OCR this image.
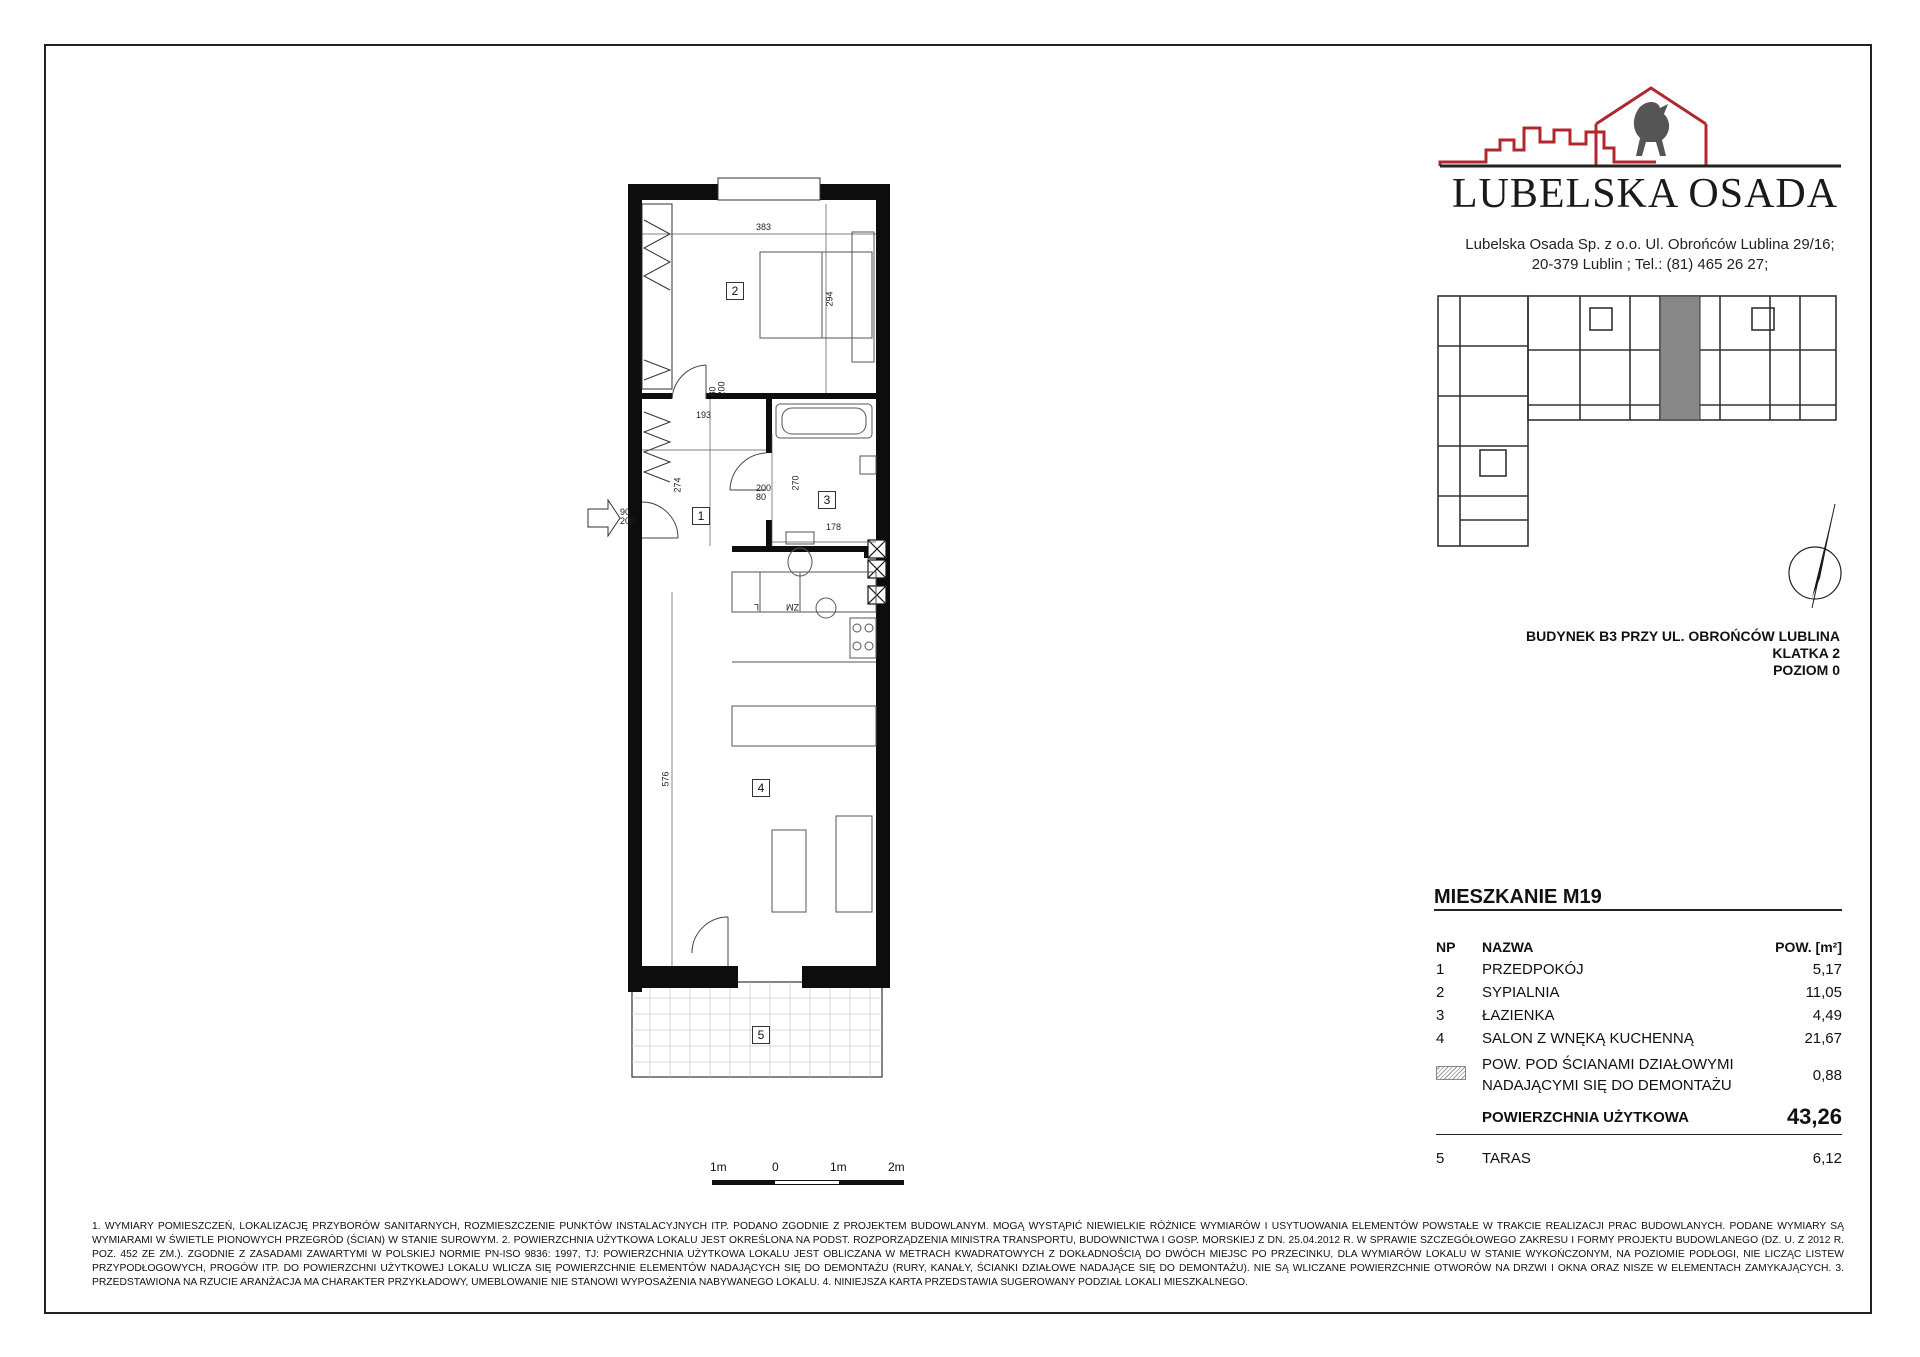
LUBELSKA OSADA
Lubelska Osada Sp. z o.o. Ul. Obrońców Lublina 29/16;
20-379 Lublin ; Tel.: (81) 465 26 27;
BUDYNEK B3 PRZY UL. OBROŃCÓW LUBLINA
KLATKA 2
POZIOM 0
MIESZKANIE M19
NP	NAZWA	POW. [m²]
1	PRZEDPOKÓJ	5,17
2	SYPIALNIA	11,05
3	ŁAZIENKA	4,49
4	SALON Z WNĘKĄ KUCHENNĄ	21,67

	POW. POD ŚCIANAMI DZIAŁOWYMI
NADAJĄCYMI SIĘ DO DEMONTAŻU	0,88
	POWIERZCHNIA UŻYTKOWA	43,26

5	TARAS	6,12
383
294
193
80
200
274	200
80
270
178
90
200
576
ZM
L
1
2
3
4
5
1m	0	1m	2m
1. WYMIARY POMIESZCZEŃ, LOKALIZACJĘ PRZYBORÓW SANITARNYCH, ROZMIESZCZENIE PUNKTÓW INSTALACYJNYCH ITP. PODANO ZGODNIE Z PROJEKTEM BUDOWLANYM. MOGĄ WYSTĄPIĆ NIEWIELKIE RÓŻNICE WYMIARÓW I USYTUOWANIA ELEMENTÓW POWSTAŁE W TRAKCIE REALIZACJI PRAC BUDOWLANYCH. PODANE WYMIARY SĄ WYMIARAMI W ŚWIETLE PIONOWYCH PRZEGRÓD (ŚCIAN) W STANIE SUROWYM. 2. POWIERZCHNIA UŻYTKOWA LOKALU JEST OKREŚLONA NA PODST. ROZPORZĄDZENIA MINISTRA TRANSPORTU, BUDOWNICTWA I GOSP. MORSKIEJ Z DN. 25.04.2012 R. W SPRAWIE SZCZEGÓŁOWEGO ZAKRESU I FORMY PROJEKTU BUDOWLANEGO (DZ. U. Z 2012 R. POZ. 452 ZE ZM.). ZGODNIE Z ZASADAMI ZAWARTYMI W POLSKIEJ NORMIE PN-ISO 9836: 1997, TJ: POWIERZCHNIA UŻYTKOWA LOKALU JEST OBLICZANA W METRACH KWADRATOWYCH Z DOKŁADNOŚCIĄ DO DWÓCH MIEJSC PO PRZECINKU, DLA WYMIARÓW LOKALU W STANIE WYKOŃCZONYM, NA POZIOMIE PODŁOGI, NIE LICZĄC LISTEW PRZYPODŁOGOWYCH, PROGÓW ITP. DO POWIERZCHNI UŻYTKOWEJ LOKALU WLICZA SIĘ POWIERZCHNIE ELEMENTÓW NADAJĄCYCH SIĘ DO DEMONTAŻU (RURY, KANAŁY, ŚCIANKI DZIAŁOWE NADAJĄCE SIĘ DO DEMONTAŻU). NIE SĄ WLICZANE POWIERZCHNIE OTWORÓW NA DRZWI I OKNA ORAZ NISZE W ELEMENTACH ZAMYKAJĄCYCH. 3. PRZEDSTAWIONA NA RZUCIE ARANŻACJA MA CHARAKTER PRZYKŁADOWY, UMEBLOWANIE NIE STANOWI WYPOSAŻENIA NABYWANEGO LOKALU. 4. NINIEJSZA KARTA PRZEDSTAWIA SUGEROWANY PODZIAŁ LOKALI MIESZKALNEGO.
